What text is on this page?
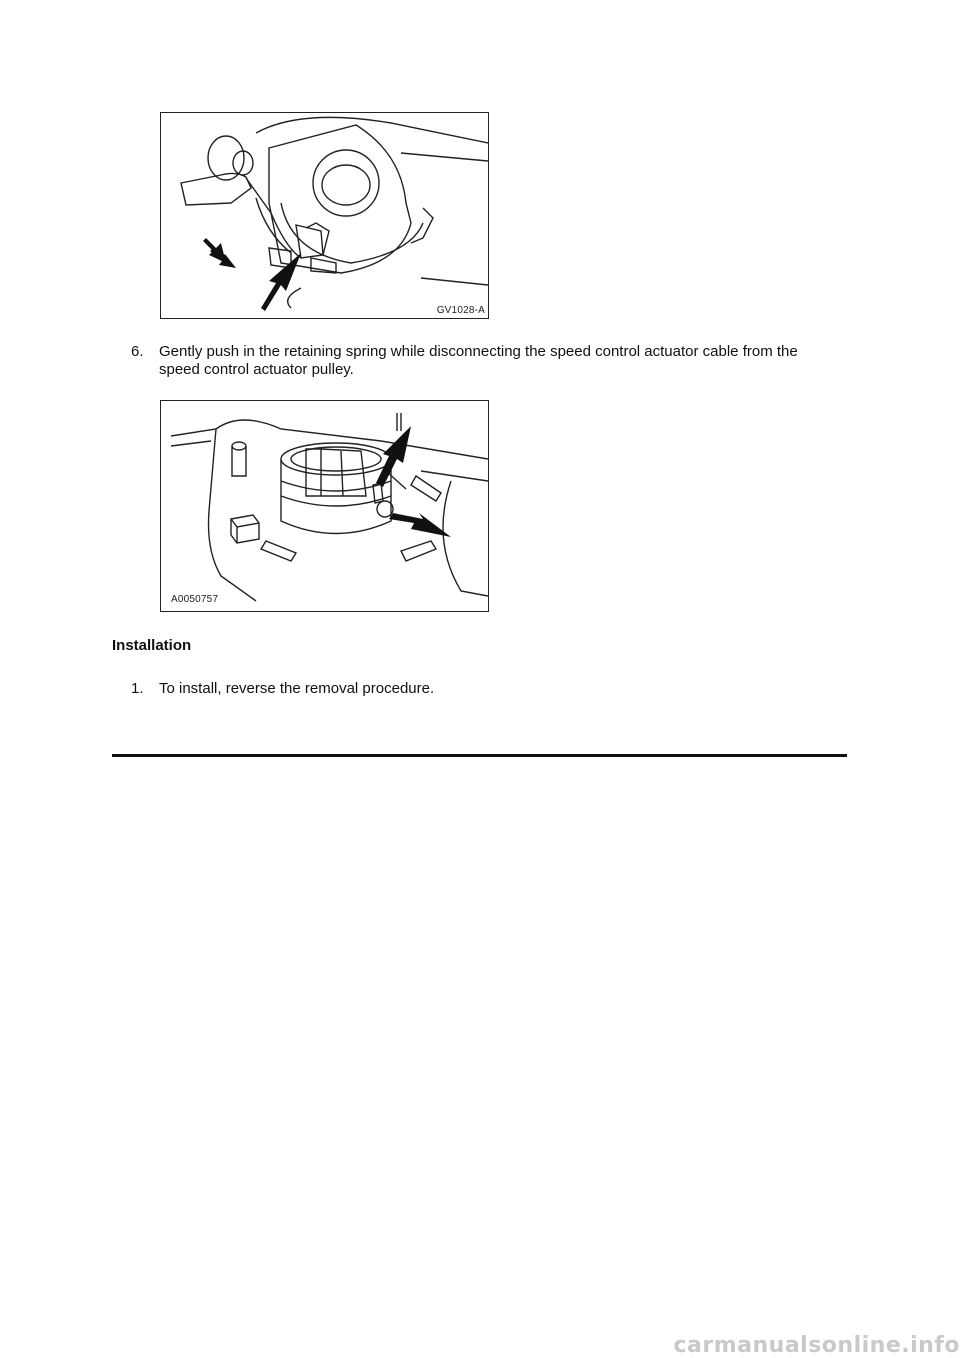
GV1028-A
6. Gently push in the retaining spring while disconnecting the speed control actuator cable from the speed control actuator pulley.
A0050757
Installation
1. To install, reverse the removal procedure.
carmanualsonline.info
